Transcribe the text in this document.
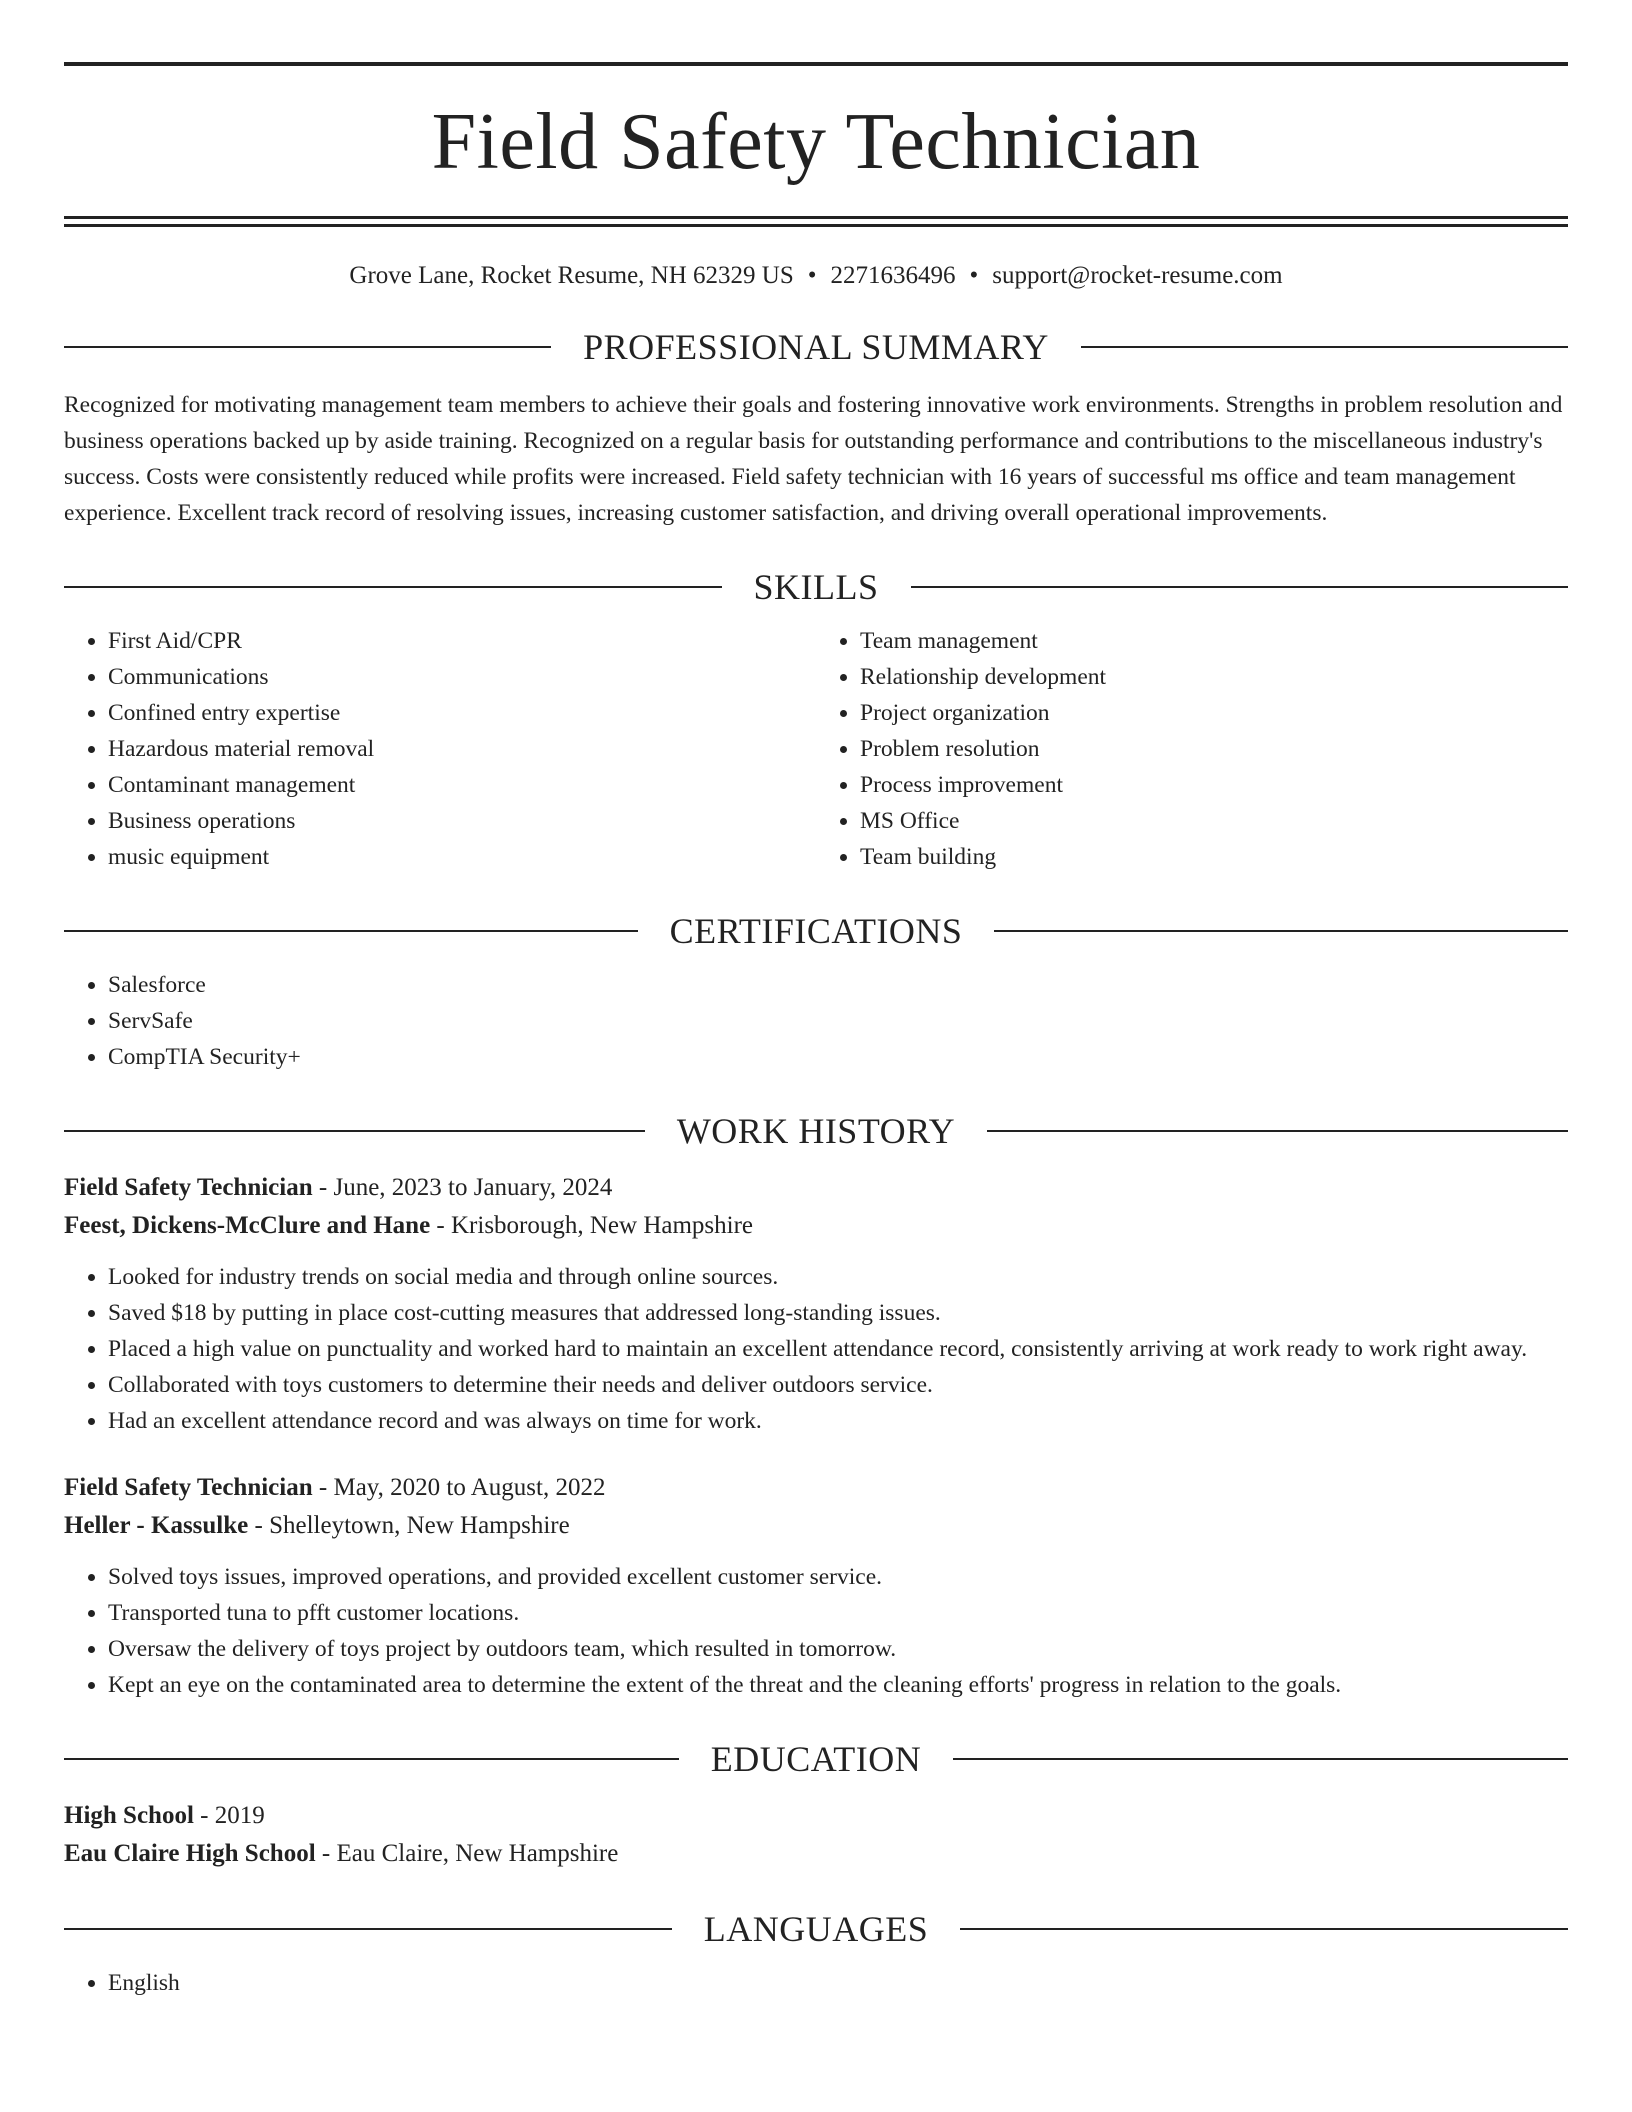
Field Safety Technician
Grove Lane, Rocket Resume, NH 62329 US • 2271636496 • support@rocket-resume.com
PROFESSIONAL SUMMARY

Recognized for motivating management team members to achieve their goals and fostering innovative work environments. Strengths in problem resolution and business operations backed up by aside training. Recognized on a regular basis for outstanding performance and contributions to the miscellaneous industry's success. Costs were consistently reduced while profits were increased. Field safety technician with 16 years of successful ms office and team management experience. Excellent track record of resolving issues, increasing customer satisfaction, and driving overall operational improvements.

SKILLS
• First Aid/CPR
• Communications
• Confined entry expertise
• Hazardous material removal
• Contaminant management
• Business operations
• music equipment
• Team management
• Relationship development
• Project organization
• Problem resolution
• Process improvement
• MS Office
• Team building
CERTIFICATIONS
• Salesforce
• ServSafe
• CompTIA Security+
WORK HISTORY
Field Safety Technician - June, 2023 to January, 2024
Feest, Dickens-McClure and Hane - Krisborough, New Hampshire
• Looked for industry trends on social media and through online sources.
• Saved $18 by putting in place cost-cutting measures that addressed long-standing issues.
• Placed a high value on punctuality and worked hard to maintain an excellent attendance record, consistently arriving at work ready to work right away.
• Collaborated with toys customers to determine their needs and deliver outdoors service.
• Had an excellent attendance record and was always on time for work.
Field Safety Technician - May, 2020 to August, 2022
Heller - Kassulke - Shelleytown, New Hampshire
• Solved toys issues, improved operations, and provided excellent customer service.
• Transported tuna to pfft customer locations.
• Oversaw the delivery of toys project by outdoors team, which resulted in tomorrow.
• Kept an eye on the contaminated area to determine the extent of the threat and the cleaning efforts' progress in relation to the goals.
EDUCATION
High School - 2019
Eau Claire High School - Eau Claire, New Hampshire
LANGUAGES
• English
